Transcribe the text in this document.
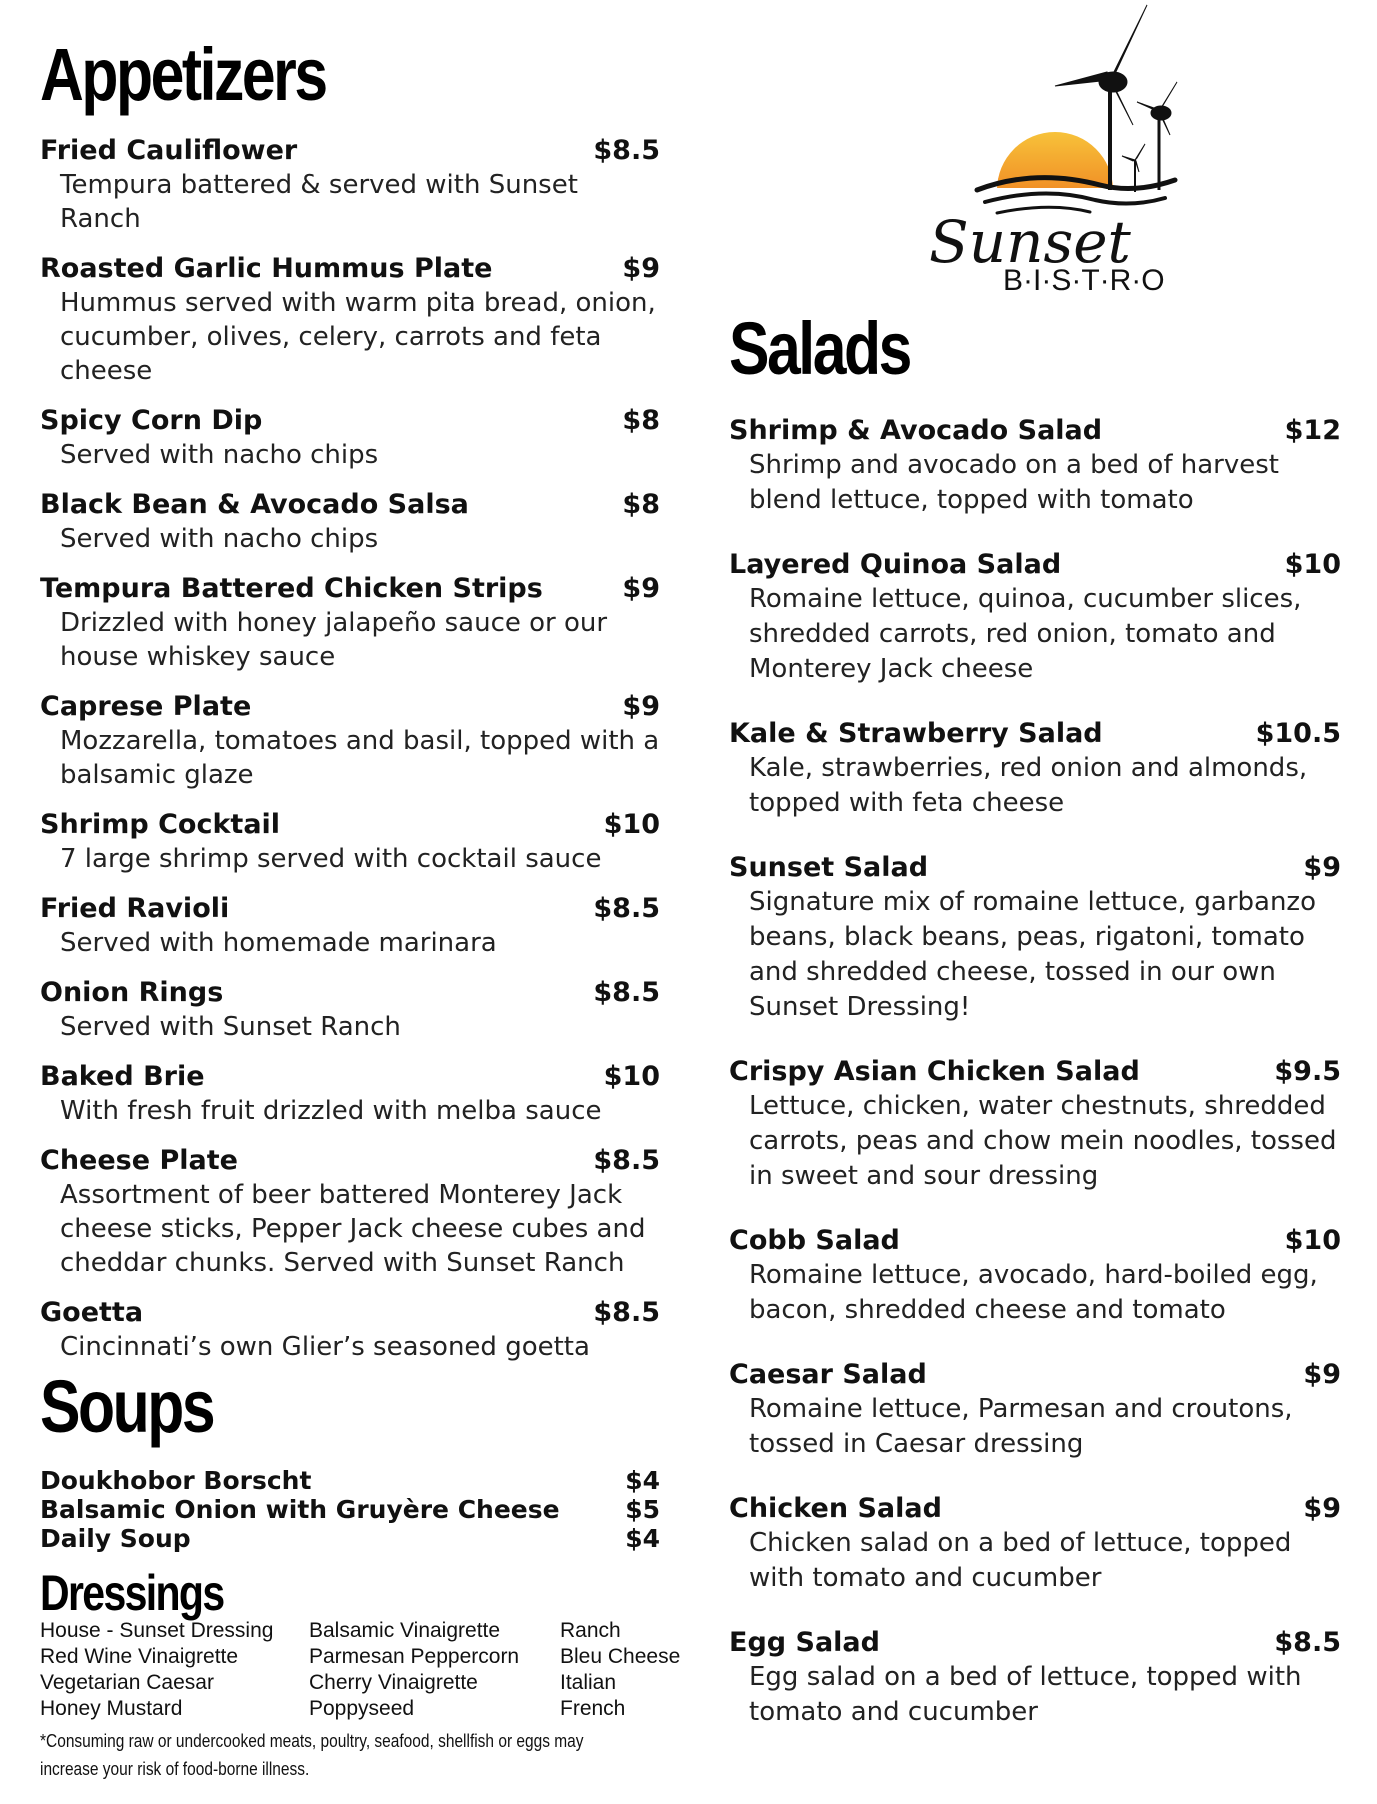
Appetizers
Fried Cauliflower	$8.5
Tempura battered & served with Sunset Ranch
Roasted Garlic Hummus Plate	$9
Hummus served with warm pita bread, onion, cucumber, olives, celery, carrots and feta cheese
Spicy Corn Dip	$8
Served with nacho chips
Black Bean & Avocado Salsa	$8
Served with nacho chips
Tempura Battered Chicken Strips	$9
Drizzled with honey jalapeño sauce or our house whiskey sauce
Caprese Plate	$9
Mozzarella, tomatoes and basil, topped with a balsamic glaze
Shrimp Cocktail	$10
7 large shrimp served with cocktail sauce
Fried Ravioli	$8.5
Served with homemade marinara
Onion Rings	$8.5
Served with Sunset Ranch
Baked Brie	$10
With fresh fruit drizzled with melba sauce
Cheese Plate	$8.5
Assortment of beer battered Monterey Jack cheese sticks, Pepper Jack cheese cubes and cheddar chunks. Served with Sunset Ranch
Goetta	$8.5
Cincinnati’s own Glier’s seasoned goetta
Soups
Doukhobor Borscht	$4
Balsamic Onion with Gruyère Cheese	$5
Daily Soup	$4
Dressings
House - Sunset Dressing
Red Wine Vinaigrette
Vegetarian Caesar
Honey Mustard
Balsamic Vinaigrette
Parmesan Peppercorn
Cherry Vinaigrette
Poppyseed
Ranch
Bleu Cheese
Italian
French
*Consuming raw or undercooked meats, poultry, seafood, shellfish or eggs may
increase your risk of food-borne illness.
Sunset
B·I·S·T·R·O
Salads
Shrimp & Avocado Salad	$12
Shrimp and avocado on a bed of harvest blend lettuce, topped with tomato
Layered Quinoa Salad	$10
Romaine lettuce, quinoa, cucumber slices, shredded carrots, red onion, tomato and Monterey Jack cheese
Kale & Strawberry Salad	$10.5
Kale, strawberries, red onion and almonds, topped with feta cheese
Sunset Salad	$9
Signature mix of romaine lettuce, garbanzo beans, black beans, peas, rigatoni, tomato and shredded cheese, tossed in our own Sunset Dressing!
Crispy Asian Chicken Salad	$9.5
Lettuce, chicken, water chestnuts, shredded carrots, peas and chow mein noodles, tossed in sweet and sour dressing
Cobb Salad	$10
Romaine lettuce, avocado, hard-boiled egg, bacon, shredded cheese and tomato
Caesar Salad	$9
Romaine lettuce, Parmesan and croutons, tossed in Caesar dressing
Chicken Salad	$9
Chicken salad on a bed of lettuce, topped with tomato and cucumber
Egg Salad	$8.5
Egg salad on a bed of lettuce, topped with tomato and cucumber
